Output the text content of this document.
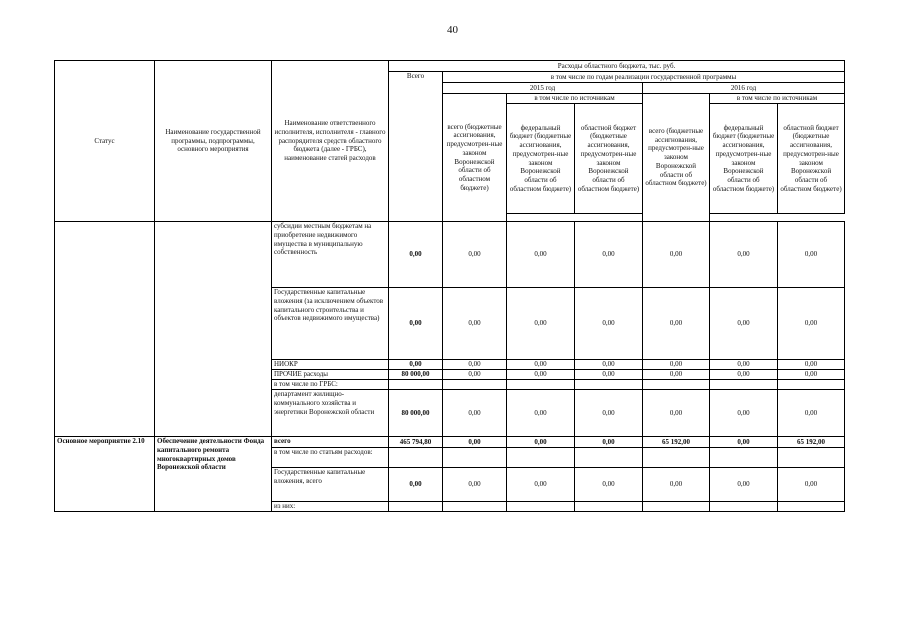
40
Статус	Наименование государственной программы, подпрограммы, основного мероприятия	Наименование ответственного исполнителя, исполнителя - главного распорядителя средств областного бюджета (далее - ГРБС), наименование статей расходов	Расходы областного бюджета, тыс. руб.						
			Всего	в том числе по годам реализации государственной программы					
				2015 год			2016 год		
				всего (бюджетные ассигнования, предусмотрен-ные законом Воронежской области об областном бюджете)	в том числе по источникам		всего (бюджетные ассигнования, предусмотрен-ные законом Воронежской области об областном бюджете)	в том числе по источникам	
					федеральный бюджет (бюджетные ассигнования, предусмотрен-ные законом Воронежской области об областном бюджете)	областной бюджет (бюджетные ассигнования, предусмотрен-ные законом Воронежской области об областном бюджете)		федеральный бюджет (бюджетные ассигнования, предусмотрен-ные законом Воронежской области об областном бюджете)	областной бюджет (бюджетные ассигнования, предусмотрен-ные законом Воронежской области об областном бюджете)

		субсидии местным бюджетам на приобретение недвижимого имущества в муниципальную собственность	0,00	0,00	0,00	0,00	0,00	0,00	0,00
		Государственные капитальные вложения (за исключением объектов капитального строительства и объектов недвижимого имущества)	0,00	0,00	0,00	0,00	0,00	0,00	0,00
		НИОКР	0,00	0,00	0,00	0,00	0,00	0,00	0,00
		ПРОЧИЕ расходы	80 000,00	0,00	0,00	0,00	0,00	0,00	0,00
		в том числе по ГРБС:							
		департамент жилищно-коммунального хозяйства и энергетики Воронежской области	80 000,00	0,00	0,00	0,00	0,00	0,00	0,00
Основное мероприятие 2.10	Обеспечение деятельности Фонда капитального ремонта многоквартирных домов Воронежской области	всего	465 794,80	0,00	0,00	0,00	65 192,00	0,00	65 192,00
		в том числе по статьям расходов:							
		Государственные капитальные вложения, всего	0,00	0,00	0,00	0,00	0,00	0,00	0,00
		из них:							
